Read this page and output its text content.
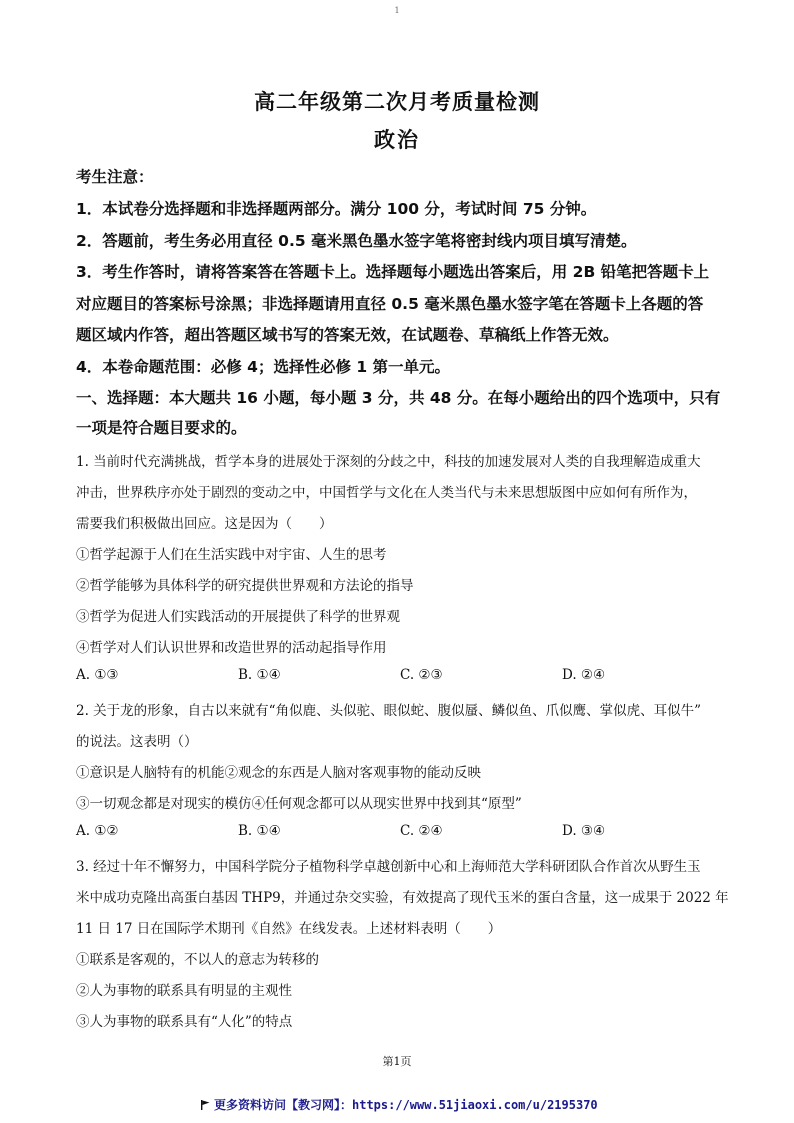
1
高二年级第二次月考质量检测
政治
考生注意：
1．本试卷分选择题和非选择题两部分。满分 100 分，考试时间 75 分钟。
2．答题前，考生务必用直径 0.5 毫米黑色墨水签字笔将密封线内项目填写清楚。
3．考生作答时，请将答案答在答题卡上。选择题每小题选出答案后，用 2B 铅笔把答题卡上
对应题目的答案标号涂黑；非选择题请用直径 0.5 毫米黑色墨水签字笔在答题卡上各题的答
题区域内作答，超出答题区域书写的答案无效，在试题卷、草稿纸上作答无效。
4．本卷命题范围：必修 4；选择性必修 1 第一单元。
一、选择题：本大题共 16 小题，每小题 3 分，共 48 分。在每小题给出的四个选项中，只有
一项是符合题目要求的。
1. 当前时代充满挑战，哲学本身的进展处于深刻的分歧之中，科技的加速发展对人类的自我理解造成重大
冲击，世界秩序亦处于剧烈的变动之中，中国哲学与文化在人类当代与未来思想版图中应如何有所作为，
需要我们积极做出回应。这是因为（　　）
①哲学起源于人们在生活实践中对宇宙、人生的思考
②哲学能够为具体科学的研究提供世界观和方法论的指导
③哲学为促进人们实践活动的开展提供了科学的世界观
④哲学对人们认识世界和改造世界的活动起指导作用
A. ①③	B. ①④	C. ②③	D. ②④
2. 关于龙的形象，自古以来就有“角似鹿、头似驼、眼似蛇、腹似蜃、鳞似鱼、爪似鹰、掌似虎、耳似牛”
的说法。这表明（）
①意识是人脑特有的机能②观念的东西是人脑对客观事物的能动反映
③一切观念都是对现实的模仿④任何观念都可以从现实世界中找到其“原型”
A. ①②	B. ①④	C. ②④	D. ③④
3. 经过十年不懈努力，中国科学院分子植物科学卓越创新中心和上海师范大学科研团队合作首次从野生玉
米中成功克隆出高蛋白基因 THP9，并通过杂交实验，有效提高了现代玉米的蛋白含量，这一成果于 2022 年
11 日 17 日在国际学术期刊《自然》在线发表。上述材料表明（　　）
①联系是客观的，不以人的意志为转移的
②人为事物的联系具有明显的主观性
③人为事物的联系具有“人化”的特点
第1页
更多资料访问【教习网】：https://www.51jiaoxi.com/u/2195370
